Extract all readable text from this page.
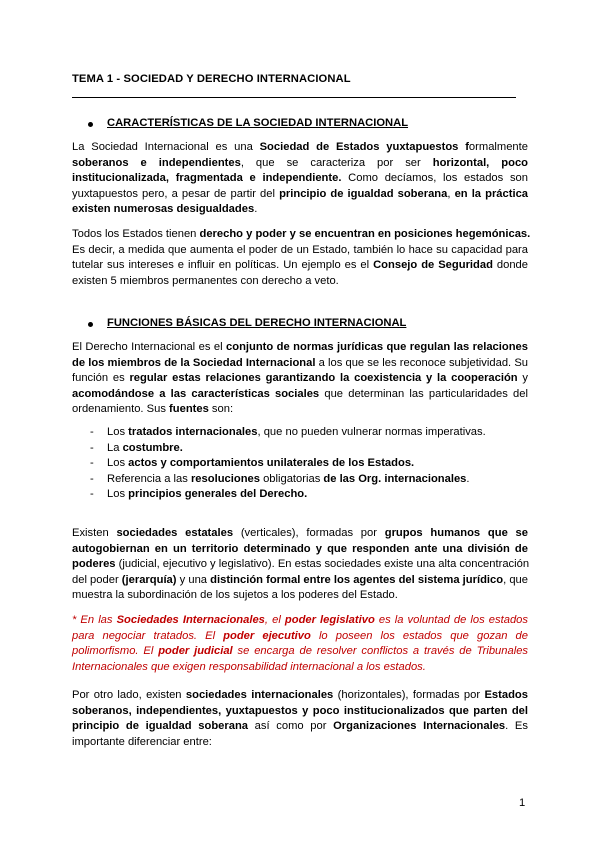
TEMA 1 - SOCIEDAD Y DERECHO INTERNACIONAL
CARACTERÍSTICAS DE LA SOCIEDAD INTERNACIONAL
La Sociedad Internacional es una Sociedad de Estados yuxtapuestos formalmente
soberanos e independientes, que se caracteriza por ser horizontal, poco
institucionalizada, fragmentada e independiente. Como decíamos, los estados son
yuxtapuestos pero, a pesar de partir del principio de igualdad soberana, en la práctica
existen numerosas desigualdades.
Todos los Estados tienen derecho y poder y se encuentran en posiciones hegemónicas.
Es decir, a medida que aumenta el poder de un Estado, también lo hace su capacidad para
tutelar sus intereses e influir en políticas. Un ejemplo es el Consejo de Seguridad donde
existen 5 miembros permanentes con derecho a veto.
FUNCIONES BÁSICAS DEL DERECHO INTERNACIONAL
El Derecho Internacional es el conjunto de normas jurídicas que regulan las relaciones
de los miembros de la Sociedad Internacional a los que se les reconoce subjetividad. Su
función es regular estas relaciones garantizando la coexistencia y la cooperación y
acomodándose a las características sociales que determinan las particularidades del
ordenamiento. Sus fuentes son:
- Los tratados internacionales, que no pueden vulnerar normas imperativas.
- La costumbre.
- Los actos y comportamientos unilaterales de los Estados.
- Referencia a las resoluciones obligatorias de las Org. internacionales.
- Los principios generales del Derecho.
Existen sociedades estatales (verticales), formadas por grupos humanos que se
autogobiernan en un territorio determinado y que responden ante una división de
poderes (judicial, ejecutivo y legislativo). En estas sociedades existe una alta concentración
del poder (jerarquía) y una distinción formal entre los agentes del sistema jurídico, que
muestra la subordinación de los sujetos a los poderes del Estado.
* En las Sociedades Internacionales, el poder legislativo es la voluntad de los estados
para negociar tratados. El poder ejecutivo lo poseen los estados que gozan de
polimorfismo. El poder judicial se encarga de resolver conflictos a través de Tribunales
Internacionales que exigen responsabilidad internacional a los estados.
Por otro lado, existen sociedades internacionales (horizontales), formadas por Estados
soberanos, independientes, yuxtapuestos y poco institucionalizados que parten del
principio de igualdad soberana así como por Organizaciones Internacionales. Es
importante diferenciar entre:
1
